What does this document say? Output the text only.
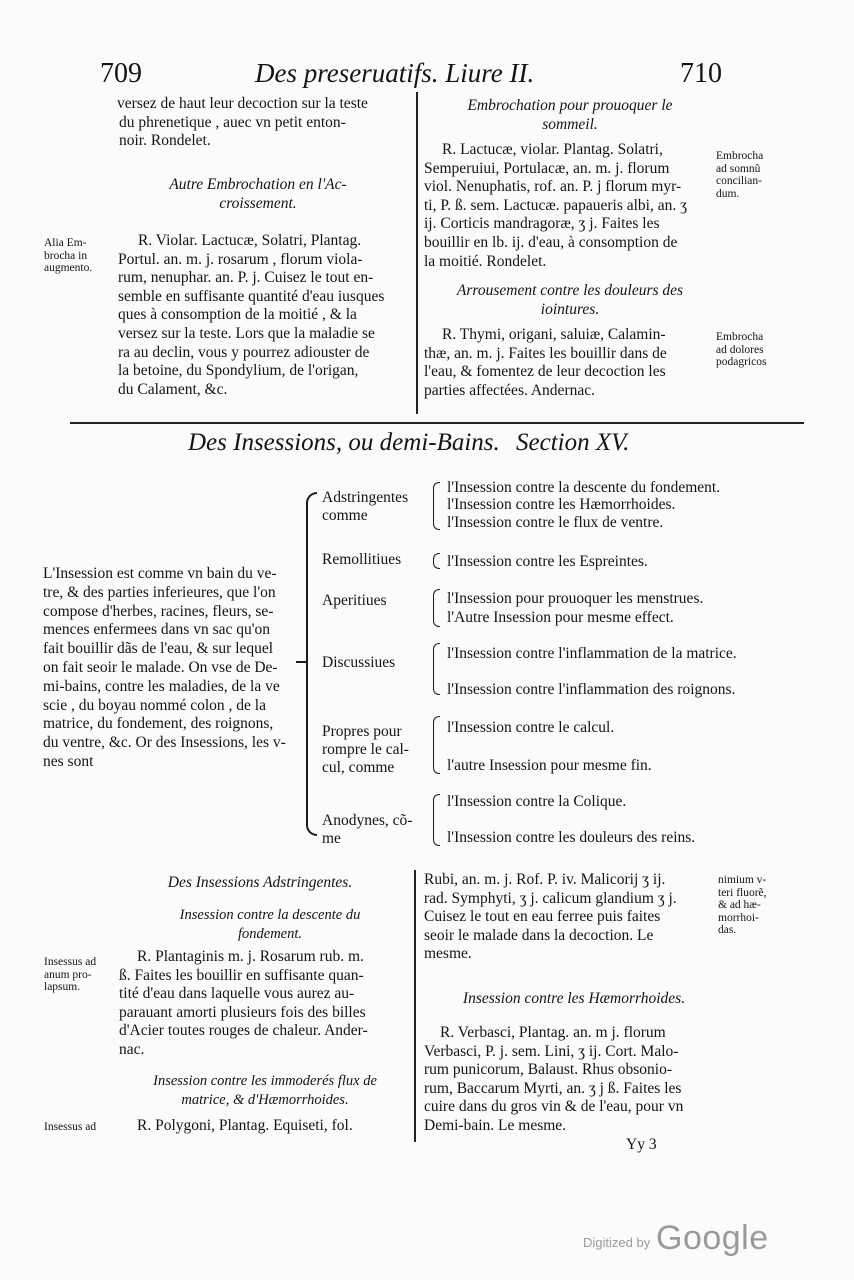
709	Des preseruatifs. Liure II.	710
versez de haut leur decoction sur la teste
du phrenetique , auec vn petit enton-
noir. Rondelet.
Autre Embrochation en l'Ac-
croissement.
Alia Em-
brocha in
augmento.
R. Violar. Lactucæ, Solatri, Plantag.
Portul. an. m. j. rosarum , florum viola-
rum, nenuphar. an. P. j. Cuisez le tout en-
semble en suffisante quantité d'eau iusques
ques à consomption de la moitié , & la
versez sur la teste. Lors que la maladie se
ra au declin, vous y pourrez adiouster de
la betoine, du Spondylium, de l'origan,
du Calament, &c.
Embrochation pour prouoquer le
sommeil.
R. Lactucæ, violar. Plantag. Solatri,
Semperuiui, Portulacæ, an. m. j. florum
viol. Nenuphatis, rof. an. P. j florum myr-
ti, P. ß. sem. Lactucæ. papaueris albi, an. ʒ
ij. Corticis mandragoræ, ʒ j. Faites les
bouillir en lb. ij. d'eau, à consomption de
la moitié. Rondelet.
Embrocha
ad somnũ
concilian-
dum.
Arrousement contre les douleurs des
iointures.
R. Thymi, origani, saluiæ, Calamin-
thæ, an. m. j. Faites les bouillir dans de
l'eau, & fomentez de leur decoction les
parties affectées. Andernac.
Embrocha
ad dolores
podagricos
Des Insessions, ou demi-Bains. Section XV.
L'Insession est comme vn bain du ve-
tre, & des parties inferieures, que l'on
compose d'herbes, racines, fleurs, se-
mences enfermees dans vn sac qu'on
fait bouillir dãs de l'eau, & sur lequel
on fait seoir le malade. On vse de De-
mi-bains, contre les maladies, de la ve
scie , du boyau nommé colon , de la
matrice, du fondement, des roignons,
du ventre, &c. Or des Insessions, les v-
nes sont
Adstringentes
comme
l'Insession contre la descente du fondement.
l'Insession contre les Hæmorrhoides.
l'Insession contre le flux de ventre.
Remollitiues	l'Insession contre les Espreintes.
Aperitiues	l'Insession pour prouoquer les menstrues.
l'Autre Insession pour mesme effect.
Discussiues
l'Insession contre l'inflammation de la matrice.
l'Insession contre l'inflammation des roignons.
Propres pour
rompre le cal-
cul, comme
l'Insession contre le calcul.
l'autre Insession pour mesme fin.
Anodynes, cõ-
me
l'Insession contre la Colique.
l'Insession contre les douleurs des reins.
Des Insessions Adstringentes.
Insession contre la descente du
fondement.
Insessus ad
anum pro-
lapsum.
R. Plantaginis m. j. Rosarum rub. m.
ß. Faites les bouillir en suffisante quan-
tité d'eau dans laquelle vous aurez au-
parauant amorti plusieurs fois des billes
d'Acier toutes rouges de chaleur. Ander-
nac.
Insession contre les immoderés flux de
matrice, & d'Hæmorrhoides.
Insessus ad	R. Polygoni, Plantag. Equiseti, fol.
Rubi, an. m. j. Rof. P. iv. Malicorij ʒ ij.
rad. Symphyti, ʒ j. calicum glandium ʒ j.
Cuisez le tout en eau ferree puis faites
seoir le malade dans la decoction. Le
mesme.
nimium v-
teri fluorẽ,
& ad hæ-
morrhoi-
das.
Insession contre les Hæmorrhoides.
R. Verbasci, Plantag. an. m j. florum
Verbasci, P. j. sem. Lini, ʒ ij. Cort. Malo-
rum punicorum, Balaust. Rhus obsonio-
rum, Baccarum Myrti, an. ʒ j ß. Faites les
cuire dans du gros vin & de l'eau, pour vn
Demi-bain. Le mesme.
Yy 3
Digitized by Google
